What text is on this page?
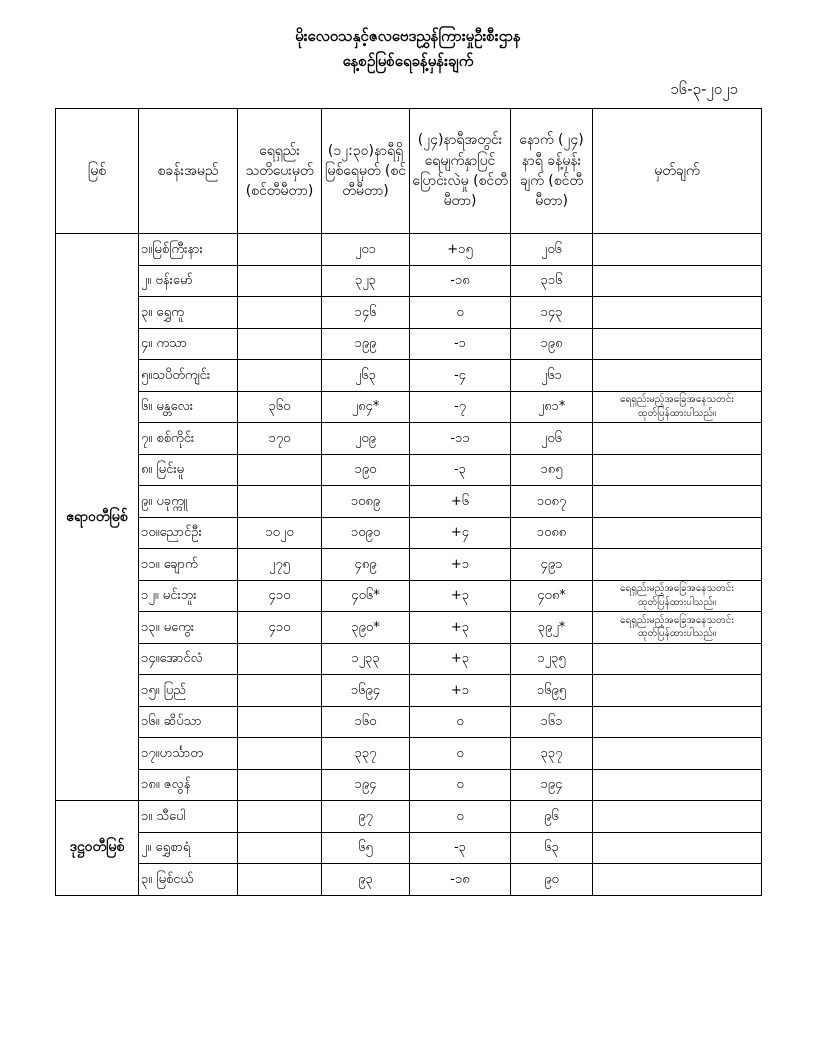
မိုးလေဝသနှင့်ဇလဗေဒညွှန်ကြားမှုဦးစီးဌာန
နေ့စဉ်မြစ်ရေခန့်မှန်းချက်
၁၆-၃-၂၀၂၁
မြစ်	စခန်းအမည်	ရေရှည်း သတိပေးမှတ် (စင်တီမီတာ)	(၁၂:၃၀)နာရီရှိ မြစ်ရေမှတ် (စင်တီမီတာ)	(၂၄)နာရီအတွင်း ရေမျက်နှာပြင် ပြောင်းလဲမှု (စင်တီမီတာ)	နောက် (၂၄) နာရီ ခန့်မှန်းချက် (စင်တီမီတာ)	မှတ်ချက်
ဧရာဝတီမြစ်	၁။မြစ်ကြီးနား		၂၀၁	+၁၅	၂၀၆	

	၂။ ဗန်းမော်		၃၂၃	-၁၈	၃၁၆	

	၃။ ရွှေကူ		၁၄၆	၀	၁၄၃	

	၄။ ကသာ		၁၉၉	-၁	၁၉၈	

	၅။သပိတ်ကျင်း		၂၆၃	-၄	၂၆၁	

	၆။ မန္တလေး	၃၆၀	၂၈၄*	-၇	၂၈၁*	ရေရှည်းမည့်အခြေအနေသတင်း
ထုတ်ပြန်ထားပါသည်။

	၇။ စစ်ကိုင်း	၁၇၀	၂၀၉	-၁၁	၂၀၆	

	၈။ မြင်းမူ		၁၉၀	-၃	၁၈၅	

	၉။ ပခုက္ကူ		၁၀၈၉	+၆	၁၀၈၇	

	၁၀။ညောင်ဦး	၁၀၂၀	၁၀၉၀	+၄	၁၀၈၈	

	၁၁။ ချောက်	၂၇၅	၄၈၉	+၁	၄၉၁	

	၁၂။ မင်းဘူး	၄၁၀	၄၀၆*	+၃	၄၀၈*	ရေရှည်းမည့်အခြေအနေသတင်း
ထုတ်ပြန်ထားပါသည်။

	၁၃။ မကွေး	၄၁၀	၃၉၀*	+၃	၃၉၂*	ရေရှည်းမည့်အခြေအနေသတင်း
ထုတ်ပြန်ထားပါသည်။

	၁၄။အောင်လံ		၁၂၃၃	+၃	၁၂၃၅	

	၁၅။ ပြည်		၁၆၉၄	+၁	၁၆၉၅	

	၁၆။ ဆိပ်သာ		၁၆၀	၀	၁၆၁	

	၁၇။ဟင်္သာတ		၃၃၇	၀	၃၃၇	

	၁၈။ ဇလွန်		၁၉၄	၀	၁၉၄	

ဒုဋ္ဌဝတီမြစ်	၁။ သီပေါ		၉၇	၀	၉၆	

	၂။ ရွှေစာရံ		၆၅	-၃	၆၃	

	၃။ မြစ်ငယ်		၉၃	-၁၈	၉၀	
